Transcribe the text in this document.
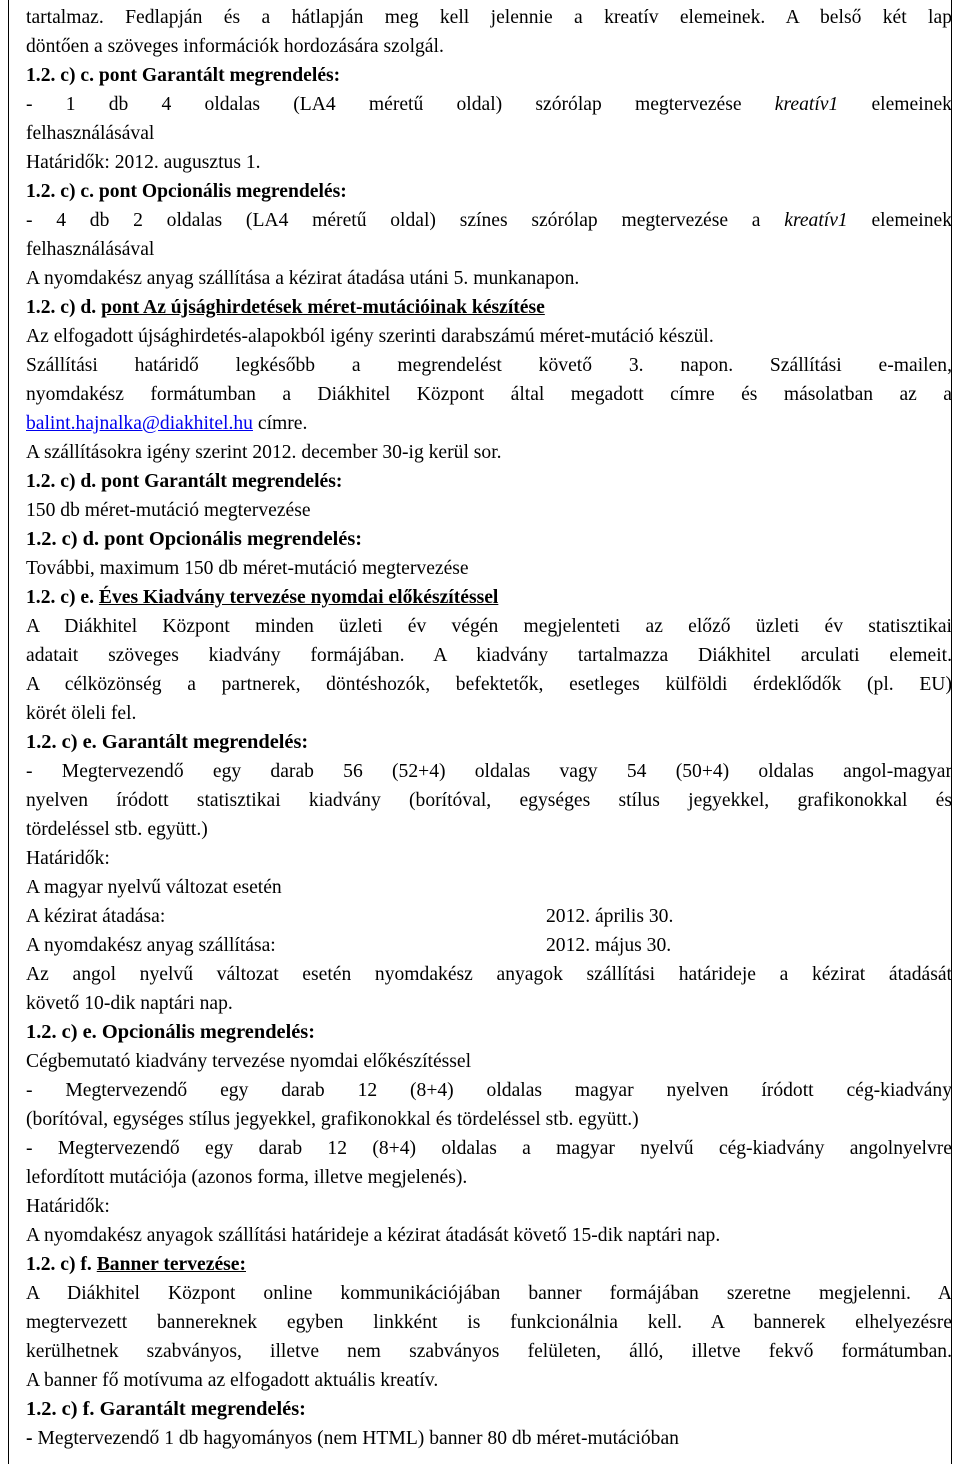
tartalmaz. Fedlapján és a hátlapján meg kell jelennie a kreatív elemeinek. A belső két lap

döntően a szöveges információk hordozására szolgál.

1.2. c) c. pont Garantált megrendelés:

- 1 db 4 oldalas (LA4 méretű oldal) szórólap megtervezése kreatív1 elemeinek

felhasználásával

Határidők: 2012. augusztus 1.

1.2. c) c. pont Opcionális megrendelés:

- 4 db 2 oldalas (LA4 méretű oldal) színes szórólap megtervezése a kreatív1 elemeinek

felhasználásával

A nyomdakész anyag szállítása a kézirat átadása utáni 5. munkanapon.

1.2. c) d. pont Az újsághirdetések méret-mutációinak készítése

Az elfogadott újsághirdetés-alapokból igény szerinti darabszámú méret-mutáció készül.

Szállítási határidő legkésőbb a megrendelést követő 3. napon. Szállítási e-mailen,

nyomdakész formátumban a Diákhitel Központ által megadott címre és másolatban az a

balint.hajnalka@diakhitel.hu címre.

A szállításokra igény szerint 2012. december 30-ig kerül sor.

1.2. c) d. pont Garantált megrendelés:

150 db méret-mutáció megtervezése

1.2. c) d. pont Opcionális megrendelés:

További, maximum 150 db méret-mutáció megtervezése

1.2. c) e. Éves Kiadvány tervezése nyomdai előkészítéssel

A Diákhitel Központ minden üzleti év végén megjelenteti az előző üzleti év statisztikai

adatait szöveges kiadvány formájában. A kiadvány tartalmazza Diákhitel arculati elemeit.

A célközönség a partnerek, döntéshozók, befektetők, esetleges külföldi érdeklődők (pl. EU)

körét öleli fel.

1.2. c) e. Garantált megrendelés:

- Megtervezendő egy darab 56 (52+4) oldalas vagy 54 (50+4) oldalas angol-magyar

nyelven íródott statisztikai kiadvány (borítóval, egységes stílus jegyekkel, grafikonokkal és

tördeléssel stb. együtt.)

Határidők:

A magyar nyelvű változat esetén

A kézirat átadása:	2012. április 30.

A nyomdakész anyag szállítása:	2012. május 30.

Az angol nyelvű változat esetén nyomdakész anyagok szállítási határideje a kézirat átadását

követő 10-dik naptári nap.

1.2. c) e. Opcionális megrendelés:

Cégbemutató kiadvány tervezése nyomdai előkészítéssel

- Megtervezendő egy darab 12 (8+4) oldalas magyar nyelven íródott cég-kiadvány

(borítóval, egységes stílus jegyekkel, grafikonokkal és tördeléssel stb. együtt.)

- Megtervezendő egy darab 12 (8+4) oldalas a magyar nyelvű cég-kiadvány angolnyelvre

lefordított mutációja (azonos forma, illetve megjelenés).

Határidők:

A nyomdakész anyagok szállítási határideje a kézirat átadását követő 15-dik naptári nap.

1.2. c) f. Banner tervezése:

A Diákhitel Központ online kommunikációjában banner formájában szeretne megjelenni. A

megtervezett bannereknek egyben linkként is funkcionálnia kell. A bannerek elhelyezésre

kerülhetnek szabványos, illetve nem szabványos felületen, álló, illetve fekvő formátumban.

A banner fő motívuma az elfogadott aktuális kreatív.

1.2. c) f. Garantált megrendelés:

- Megtervezendő 1 db hagyományos (nem HTML) banner 80 db méret-mutációban
